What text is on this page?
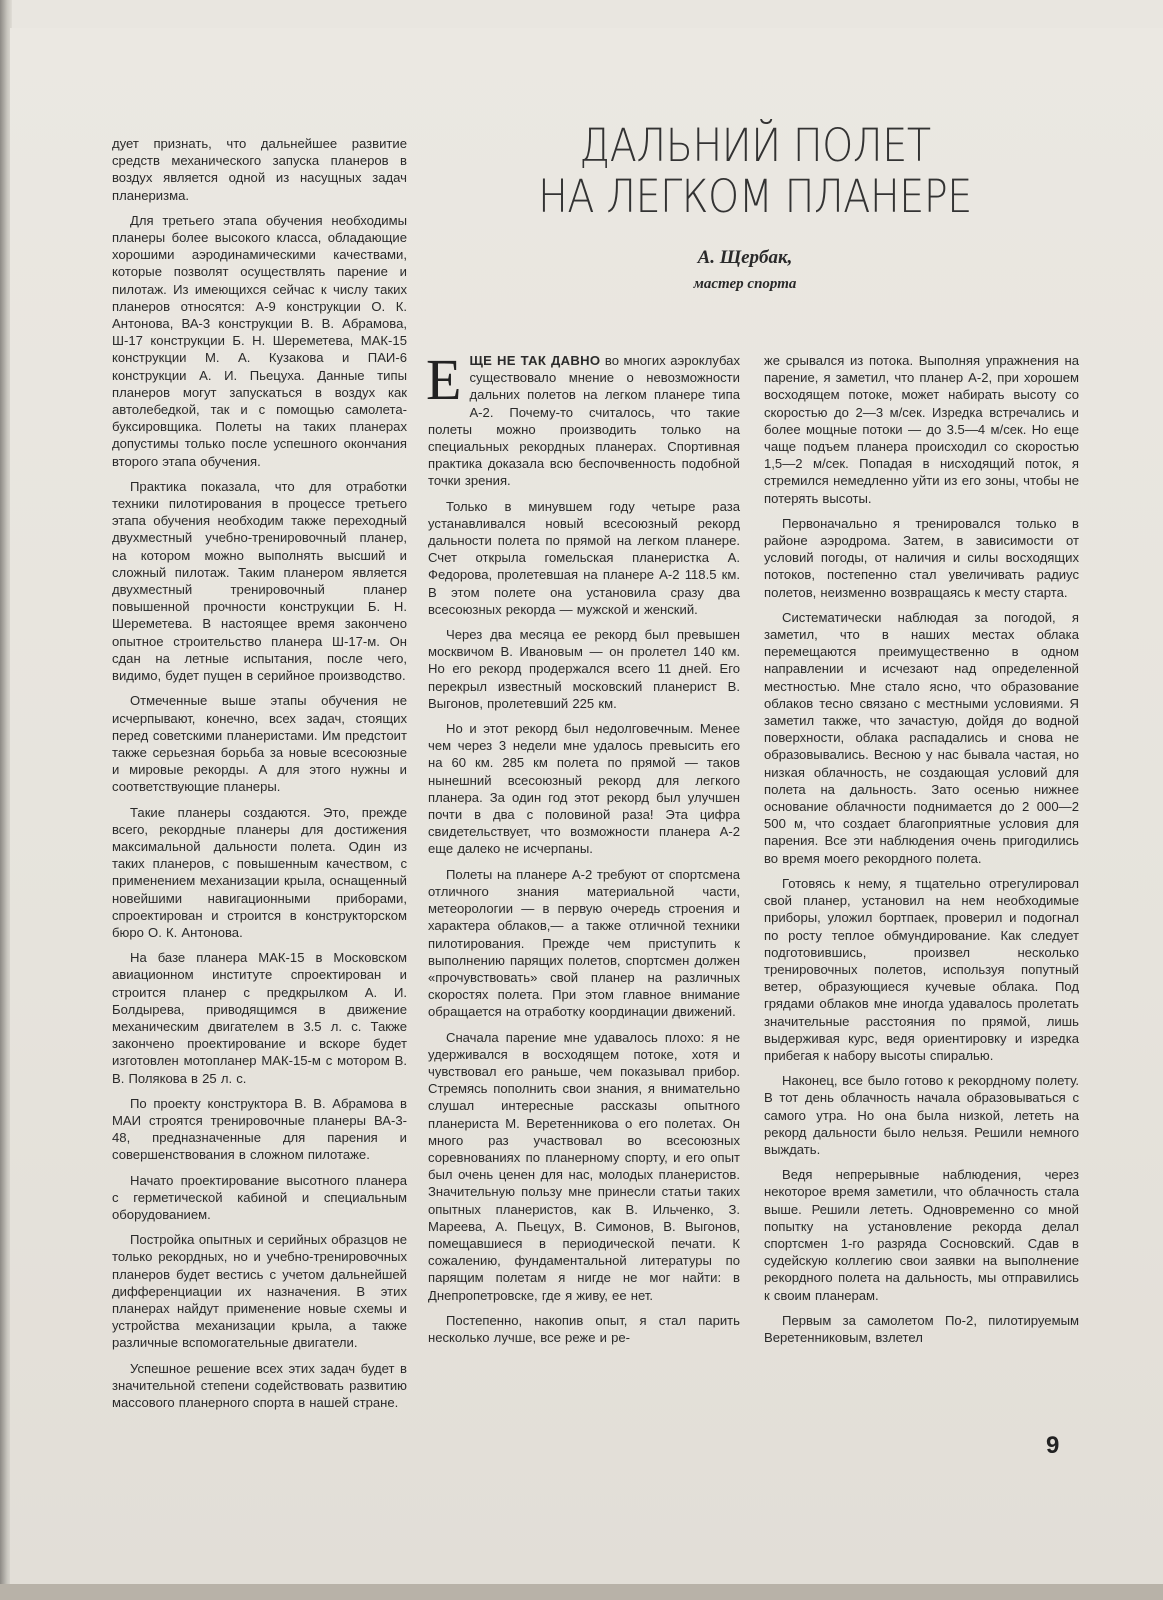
ДАЛЬНИЙ ПОЛЕТ
НА ЛЕГКОМ ПЛАНЕРЕ
А. Щербак,
мастер спорта

дует признать, что дальнейшее развитие средств механического запуска планеров в воздух является одной из насущных задач планеризма.

Для третьего этапа обучения необходимы планеры более высокого класса, обладающие хорошими аэродинамическими качествами, которые позволят осуществлять парение и пилотаж. Из имеющихся сейчас к числу таких планеров относятся: А-9 конструкции О. К. Антонова, ВА-3 конструкции В. В. Абрамова, Ш-17 конструкции Б. Н. Шереметева, МАК-15 конструкции М. А. Кузакова и ПАИ-6 конструкции А. И. Пьецуха. Данные типы планеров могут запускаться в воздух как автолебедкой, так и с помощью самолета-буксировщика. Полеты на таких планерах допустимы только после успешного окончания второго этапа обучения.

Практика показала, что для отработки техники пилотирования в процессе третьего этапа обучения необходим также переходный двухместный учебно-тренировочный планер, на котором можно выполнять высший и сложный пилотаж. Таким планером является двухместный тренировочный планер повышенной прочности конструкции Б. Н. Шереметева. В настоящее время закончено опытное строительство планера Ш-17-м. Он сдан на летные испытания, после чего, видимо, будет пущен в серийное производство.

Отмеченные выше этапы обучения не исчерпывают, конечно, всех задач, стоящих перед советскими планеристами. Им предстоит также серьезная борьба за новые всесоюзные и мировые рекорды. А для этого нужны и соответствующие планеры.

Такие планеры создаются. Это, прежде всего, рекордные планеры для достижения максимальной дальности полета. Один из таких планеров, с повышенным качеством, с применением механизации крыла, оснащенный новейшими навигационными приборами, спроектирован и строится в конструкторском бюро О. К. Антонова.

На базе планера МАК-15 в Московском авиационном институте спроектирован и строится планер с предкрылком А. И. Болдырева, приводящимся в движение механическим двигателем в 3.5 л. с. Также закончено проектирование и вскоре будет изготовлен мотопланер МАК-15-м с мотором В. В. Полякова в 25 л. с.

По проекту конструктора В. В. Абрамова в МАИ строятся тренировочные планеры ВА-3-48, предназначенные для парения и совершенствования в сложном пилотаже.

Начато проектирование высотного планера с герметической кабиной и специальным оборудованием.

Постройка опытных и серийных образцов не только рекордных, но и учебно-тренировочных планеров будет вестись с учетом дальнейшей дифференциации их назначения. В этих планерах найдут применение новые схемы и устройства механизации крыла, а также различные вспомогательные двигатели.

Успешное решение всех этих задач будет в значительной степени содействовать развитию массового планерного спорта в нашей стране.

ЕЩЕ НЕ ТАК ДАВНО во многих аэроклубах существовало мнение о невозможности дальних полетов на легком планере типа А-2. Почему-то считалось, что такие полеты можно производить только на специальных рекордных планерах. Спортивная практика доказала всю беспочвенность подобной точки зрения.

Только в минувшем году четыре раза устанавливался новый всесоюзный рекорд дальности полета по прямой на легком планере. Счет открыла гомельская планеристка А. Федорова, пролетевшая на планере А-2 118.5 км. В этом полете она установила сразу два всесоюзных рекорда — мужской и женский.

Через два месяца ее рекорд был превышен москвичом В. Ивановым — он пролетел 140 км. Но его рекорд продержался всего 11 дней. Его перекрыл известный московский планерист В. Выгонов, пролетевший 225 км.

Но и этот рекорд был недолговечным. Менее чем через 3 недели мне удалось превысить его на 60 км. 285 км полета по прямой — таков нынешний всесоюзный рекорд для легкого планера. За один год этот рекорд был улучшен почти в два с половиной раза! Эта цифра свидетельствует, что возможности планера А-2 еще далеко не исчерпаны.

Полеты на планере А-2 требуют от спортсмена отличного знания материальной части, метеорологии — в первую очередь строения и характера облаков,— а также отличной техники пилотирования. Прежде чем приступить к выполнению парящих полетов, спортсмен должен «прочувствовать» свой планер на различных скоростях полета. При этом главное внимание обращается на отработку координации движений.

Сначала парение мне удавалось плохо: я не удерживался в восходящем потоке, хотя и чувствовал его раньше, чем показывал прибор. Стремясь пополнить свои знания, я внимательно слушал интересные рассказы опытного планериста М. Веретенникова о его полетах. Он много раз участвовал во всесоюзных соревнованиях по планерному спорту, и его опыт был очень ценен для нас, молодых планеристов. Значительную пользу мне принесли статьи таких опытных планеристов, как В. Ильченко, З. Мареева, А. Пьецух, В. Симонов, В. Выгонов, помещавшиеся в периодической печати. К сожалению, фундаментальной литературы по парящим полетам я нигде не мог найти: в Днепропетровске, где я живу, ее нет.

Постепенно, накопив опыт, я стал парить несколько лучше, все реже и ре-

же срывался из потока. Выполняя упражнения на парение, я заметил, что планер А-2, при хорошем восходящем потоке, может набирать высоту со скоростью до 2—3 м/сек. Изредка встречались и более мощные потоки — до 3.5—4 м/сек. Но еще чаще подъем планера происходил со скоростью 1,5—2 м/сек. Попадая в нисходящий поток, я стремился немедленно уйти из его зоны, чтобы не потерять высоты.

Первоначально я тренировался только в районе аэродрома. Затем, в зависимости от условий погоды, от наличия и силы восходящих потоков, постепенно стал увеличивать радиус полетов, неизменно возвращаясь к месту старта.

Систематически наблюдая за погодой, я заметил, что в наших местах облака перемещаются преимущественно в одном направлении и исчезают над определенной местностью. Мне стало ясно, что образование облаков тесно связано с местными условиями. Я заметил также, что зачастую, дойдя до водной поверхности, облака распадались и снова не образовывались. Весною у нас бывала частая, но низкая облачность, не создающая условий для полета на дальность. Зато осенью нижнее основание облачности поднимается до 2 000—2 500 м, что создает благоприятные условия для парения. Все эти наблюдения очень пригодились во время моего рекордного полета.

Готовясь к нему, я тщательно отрегулировал свой планер, установил на нем необходимые приборы, уложил бортпаек, проверил и подогнал по росту теплое обмундирование. Как следует подготовившись, произвел несколько тренировочных полетов, используя попутный ветер, образующиеся кучевые облака. Под грядами облаков мне иногда удавалось пролетать значительные расстояния по прямой, лишь выдерживая курс, ведя ориентировку и изредка прибегая к набору высоты спиралью.

Наконец, все было готово к рекордному полету. В тот день облачность начала образовываться с самого утра. Но она была низкой, лететь на рекорд дальности было нельзя. Решили немного выждать.

Ведя непрерывные наблюдения, через некоторое время заметили, что облачность стала выше. Решили лететь. Одновременно со мной попытку на установление рекорда делал спортсмен 1-го разряда Сосновский. Сдав в судейскую коллегию свои заявки на выполнение рекордного полета на дальность, мы отправились к своим планерам.

Первым за самолетом По-2, пилотируемым Веретенниковым, взлетел

9
